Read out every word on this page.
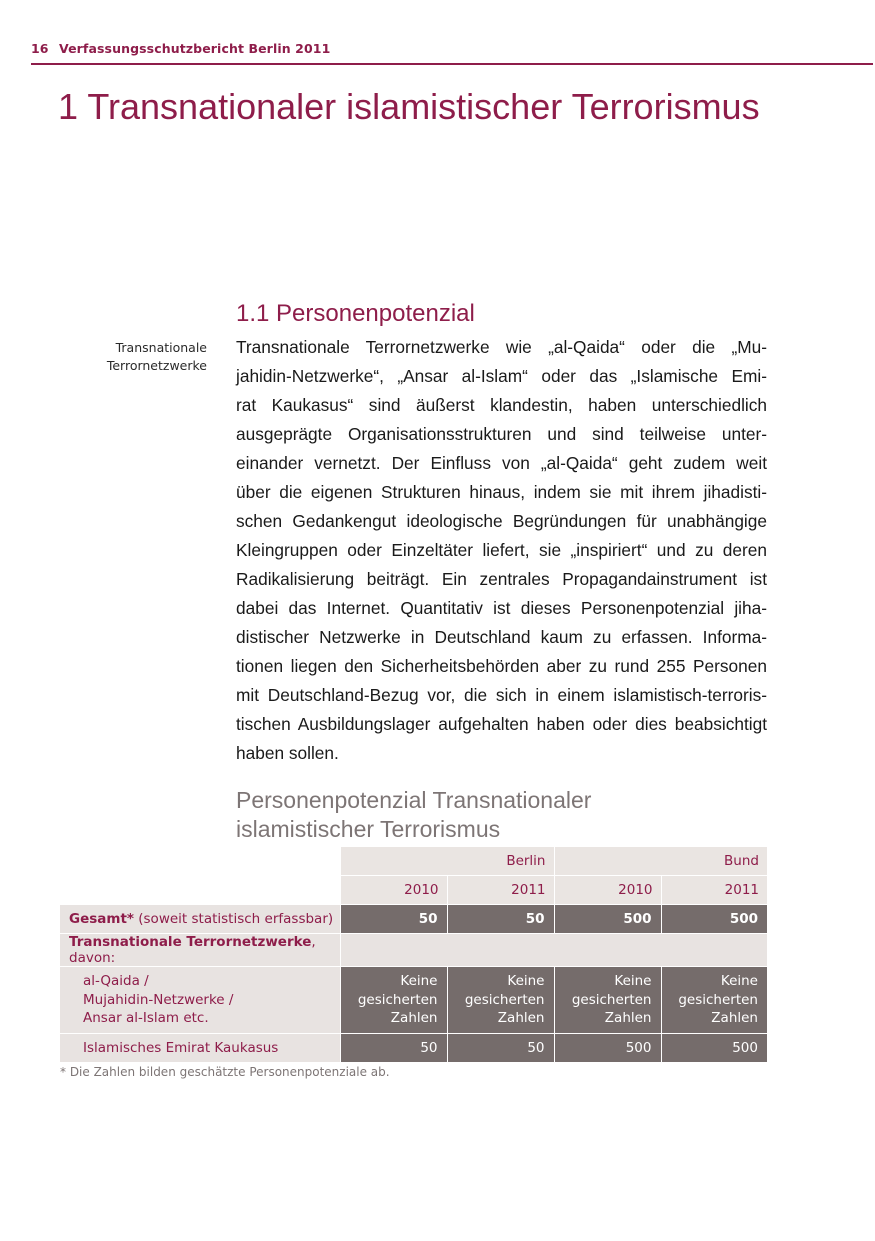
16 Verfassungsschutzbericht Berlin 2011
1 Transnationaler islamistischer Terrorismus
1.1 Personenpotenzial
Transnationale
Terrornetzwerke
Transnationale Terrornetzwerke wie „al-Qaida“ oder die „Mu-
jahidin-Netzwerke“, „Ansar al-Islam“ oder das „Islamische Emi-
rat Kaukasus“ sind äußerst klandestin, haben unterschiedlich
ausgeprägte Organisationsstrukturen und sind teilweise unter-
einander vernetzt. Der Einfluss von „al-Qaida“ geht zudem weit
über die eigenen Strukturen hinaus, indem sie mit ihrem jihadisti-
schen Gedankengut ideologische Begründungen für unabhängige
Kleingruppen oder Einzeltäter liefert, sie „inspiriert“ und zu deren
Radikalisierung beiträgt. Ein zentrales Propagandainstrument ist
dabei das Internet. Quantitativ ist dieses Personenpotenzial jiha-
distischer Netzwerke in Deutschland kaum zu erfassen. Informa-
tionen liegen den Sicherheitsbehörden aber zu rund 255 Personen
mit Deutschland-Bezug vor, die sich in einem islamistisch-terroris-
tischen Ausbildungslager aufgehalten haben oder dies beabsichtigt
haben sollen.
Personenpotenzial Transnationaler
islamistischer Terrorismus
	Berlin		Bund	
	2010	2011	2010	2011
Gesamt* (soweit statistisch erfassbar)	50	50	500	500
Transnationale Terrornetzwerke, davon:				

al-Qaida /
Mujahidin-Netzwerke /
Ansar al-Islam etc.	Keine
gesicherten
Zahlen	Keine
gesicherten
Zahlen	Keine
gesicherten
Zahlen	Keine
gesicherten
Zahlen

Islamisches Emirat Kaukasus	50	50	500	500
* Die Zahlen bilden geschätzte Personenpotenziale ab.
